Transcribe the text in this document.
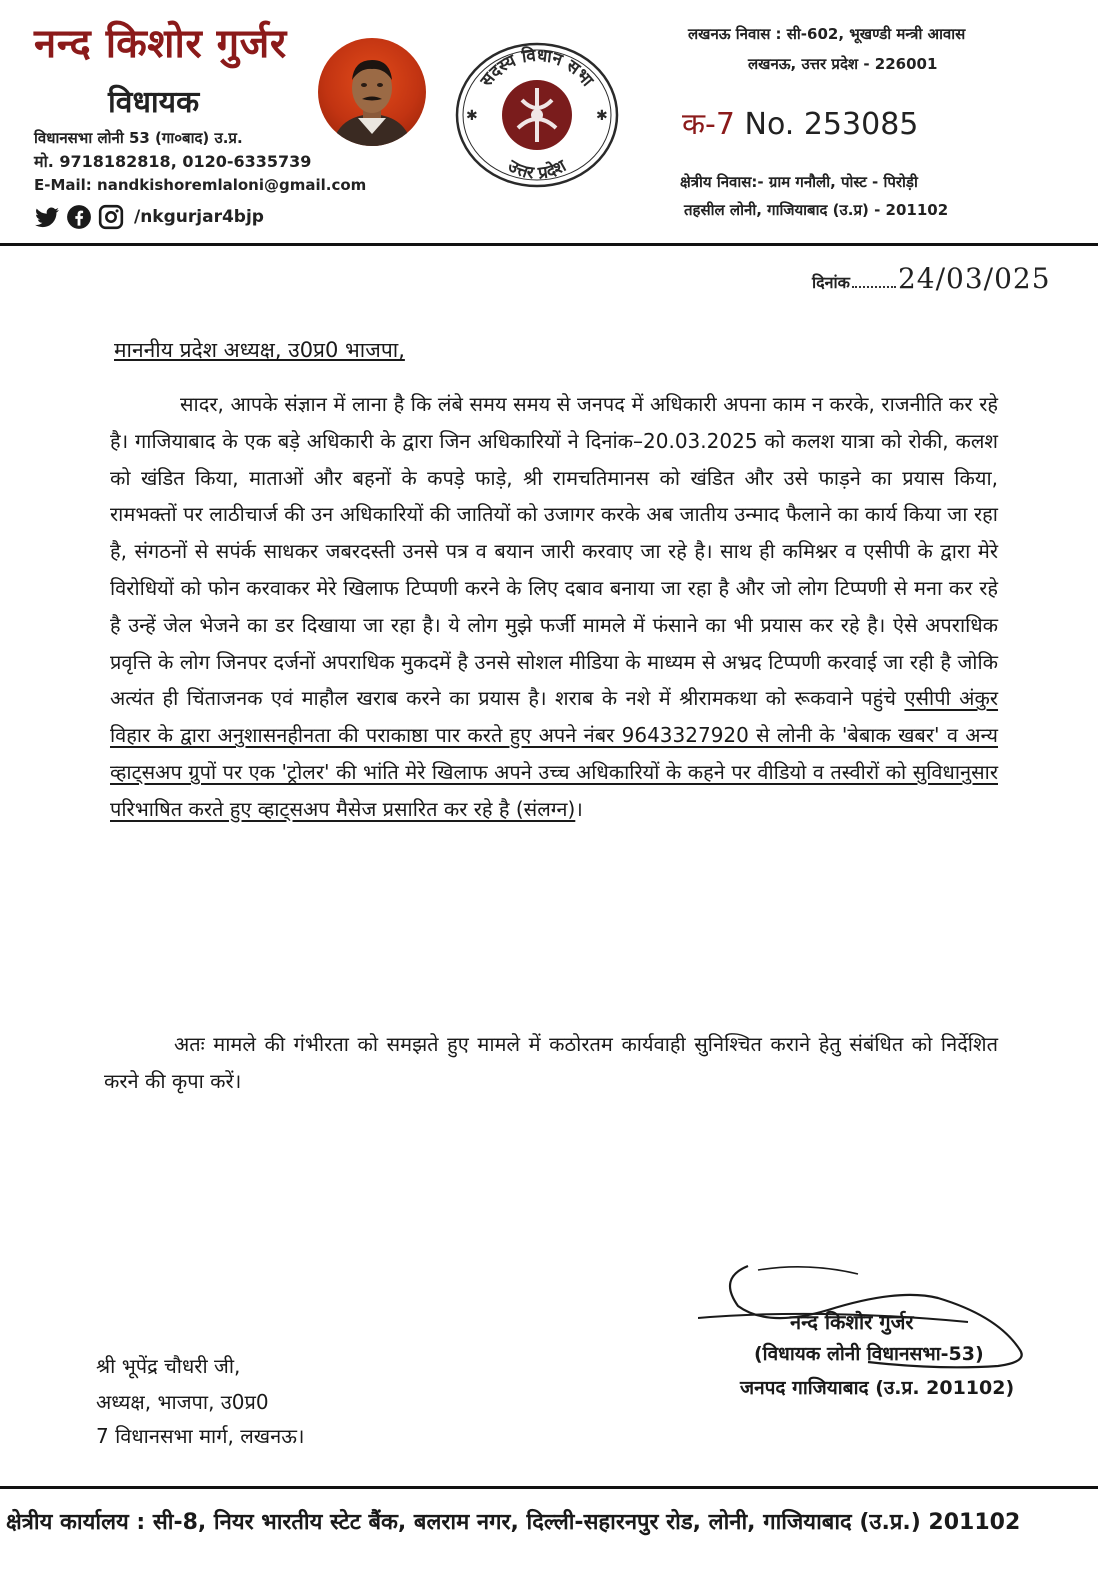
नन्द किशोर गुर्जर
विधायक
विधानसभा लोनी 53 (गा०बाद) उ.प्र.
मो. 9718182818, 0120-6335739
E-Mail: nandkishoremlaloni@gmail.com
/nkgurjar4bjp
सदस्य विधान सभा
उत्तर प्रदेश
✱	✱
लखनऊ निवास : सी-602, भूखण्डी मन्त्री आवास
लखनऊ, उत्तर प्रदेश - 226001
क-7 No. 253085
क्षेत्रीय निवास:- ग्राम गनौली, पोस्ट - पिरोड़ी
तहसील लोनी, गाजियाबाद (उ.प्र) - 201102
दिनांक 24/03/025
माननीय प्रदेश अध्यक्ष, उ0प्र0 भाजपा,
सादर, आपके संज्ञान में लाना है कि लंबे समय समय से जनपद में अधिकारी अपना काम न करके, राजनीति कर रहे है। गाजियाबाद के एक बड़े अधिकारी के द्वारा जिन अधिकारियों ने दिनांक–20.03.2025 को कलश यात्रा को रोकी, कलश को खंडित किया, माताओं और बहनों के कपड़े फाड़े, श्री रामचतिमानस को खंडित और उसे फाड़ने का प्रयास किया, रामभक्तों पर लाठीचार्ज की उन अधिकारियों की जातियों को उजागर करके अब जातीय उन्माद फैलाने का कार्य किया जा रहा है, संगठनों से सपंर्क साधकर जबरदस्ती उनसे पत्र व बयान जारी करवाए जा रहे है। साथ ही कमिश्नर व एसीपी के द्वारा मेरे विरोधियों को फोन करवाकर मेरे खिलाफ टिप्पणी करने के लिए दबाव बनाया जा रहा है और जो लोग टिप्पणी से मना कर रहे है उन्हें जेल भेजने का डर दिखाया जा रहा है। ये लोग मुझे फर्जी मामले में फंसाने का भी प्रयास कर रहे है। ऐसे अपराधिक प्रवृत्ति के लोग जिनपर दर्जनों अपराधिक मुकदमें है उनसे सोशल मीडिया के माध्यम से अभ्रद टिप्पणी करवाई जा रही है जोकि अत्यंत ही चिंताजनक एवं माहौल खराब करने का प्रयास है। शराब के नशे में श्रीरामकथा को रूकवाने पहुंचे एसीपी अंकुर विहार के द्वारा अनुशासनहीनता की पराकाष्ठा पार करते हुए अपने नंबर 9643327920 से लोनी के 'बेबाक खबर' व अन्य व्हाट्सअप ग्रुपों पर एक 'ट्रोलर' की भांति मेरे खिलाफ अपने उच्च अधिकारियों के कहने पर वीडियो व तस्वीरों को सुविधानुसार परिभाषित करते हुए व्हाट्सअप मैसेज प्रसारित कर रहे है (संलग्न)।
अतः मामले की गंभीरता को समझते हुए मामले में कठोरतम कार्यवाही सुनिश्चित कराने हेतु संबंधित को निर्देशित करने की कृपा करें।
नन्द किशोर गुर्जर
(विधायक लोनी विधानसभा-53)
जनपद गाजियाबाद (उ.प्र. 201102)
श्री भूपेंद्र चौधरी जी,
अध्यक्ष, भाजपा, उ0प्र0
7 विधानसभा मार्ग, लखनऊ।
क्षेत्रीय कार्यालय : सी-8, नियर भारतीय स्टेट बैंक, बलराम नगर, दिल्ली-सहारनपुर रोड, लोनी, गाजियाबाद (उ.प्र.) 201102
